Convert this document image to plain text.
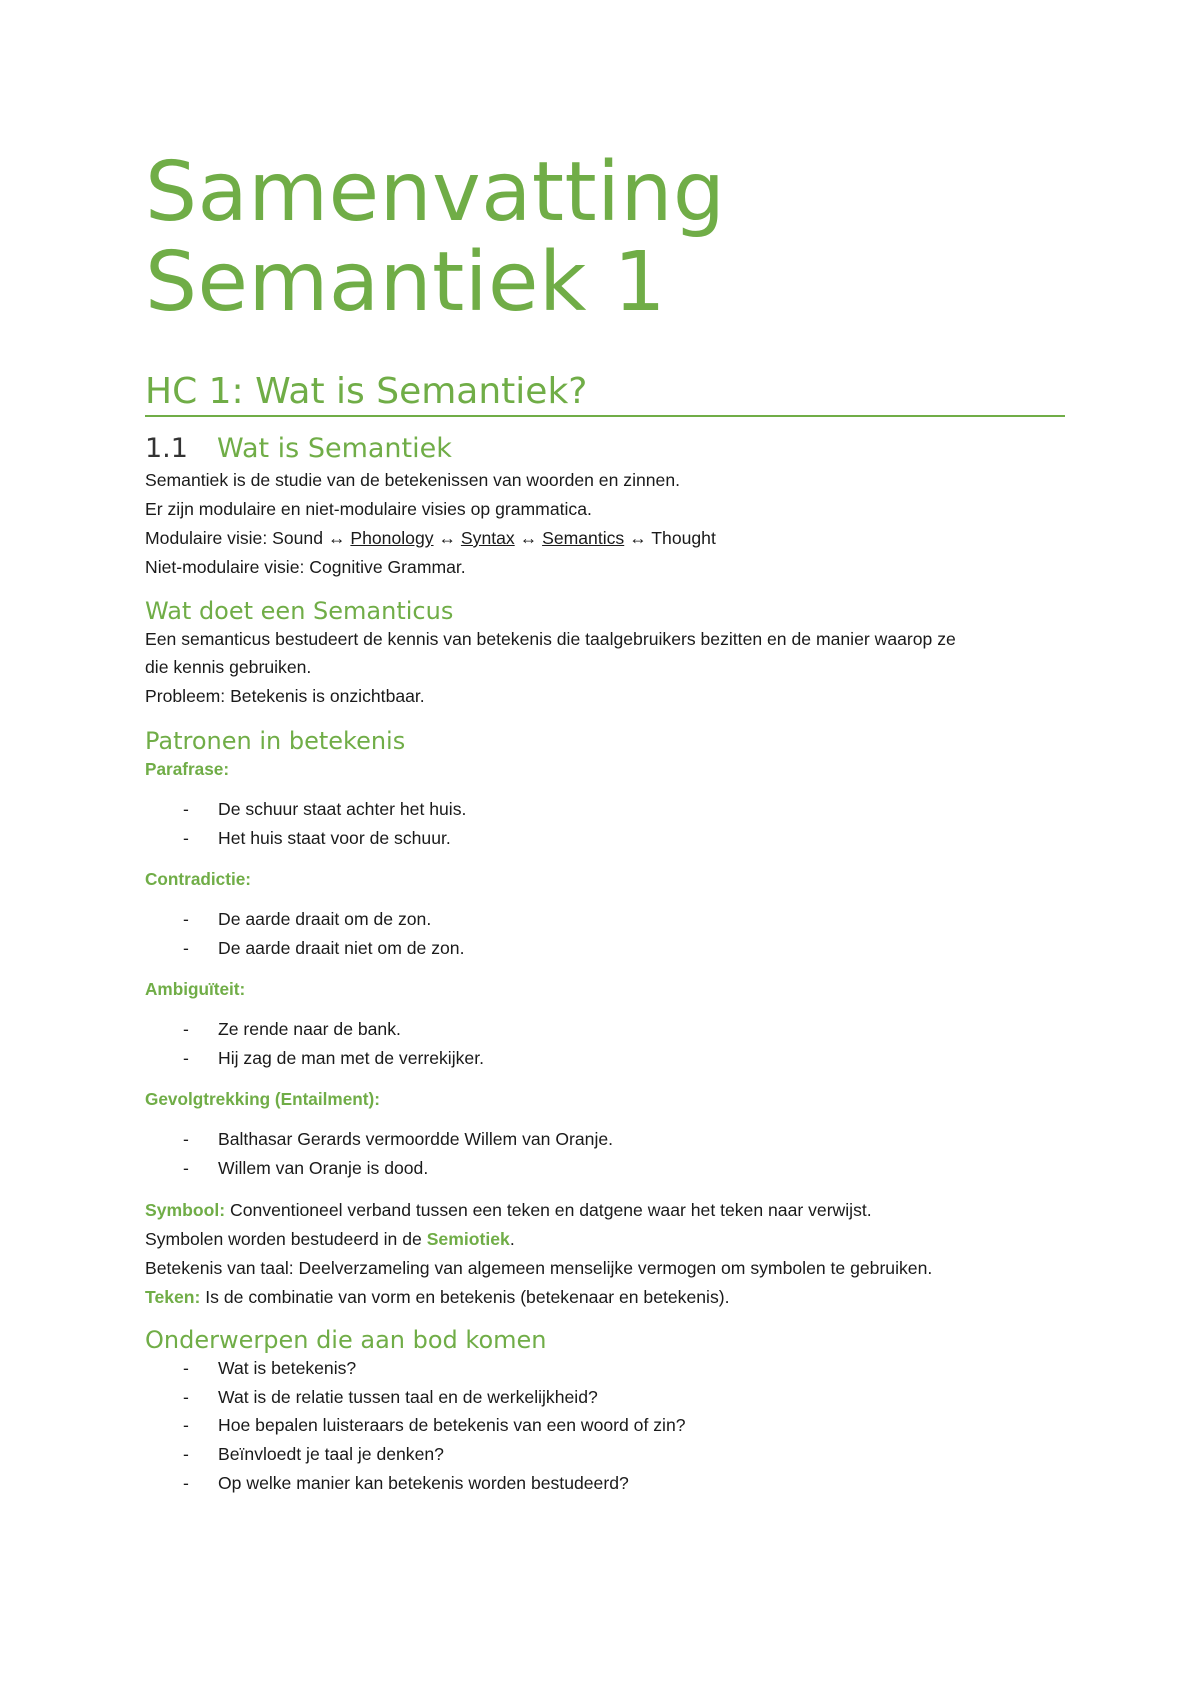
Samenvatting
Semantiek 1
HC 1: Wat is Semantiek?
1.1 Wat is Semantiek

Semantiek is de studie van de betekenissen van woorden en zinnen.

Er zijn modulaire en niet-modulaire visies op grammatica.

Modulaire visie: Sound ↔ Phonology ↔ Syntax ↔ Semantics ↔ Thought

Niet-modulaire visie: Cognitive Grammar.

Wat doet een Semanticus

Een semanticus bestudeert de kennis van betekenis die taalgebruikers bezitten en de manier waarop ze

die kennis gebruiken.

Probleem: Betekenis is onzichtbaar.

Patronen in betekenis

Parafrase:

- De schuur staat achter het huis.

- Het huis staat voor de schuur.

Contradictie:

- De aarde draait om de zon.

- De aarde draait niet om de zon.

Ambiguïteit:

- Ze rende naar de bank.

- Hij zag de man met de verrekijker.

Gevolgtrekking (Entailment):

- Balthasar Gerards vermoordde Willem van Oranje.

- Willem van Oranje is dood.

Symbool: Conventioneel verband tussen een teken en datgene waar het teken naar verwijst.

Symbolen worden bestudeerd in de Semiotiek.

Betekenis van taal: Deelverzameling van algemeen menselijke vermogen om symbolen te gebruiken.

Teken: Is de combinatie van vorm en betekenis (betekenaar en betekenis).

Onderwerpen die aan bod komen

- Wat is betekenis?

- Wat is de relatie tussen taal en de werkelijkheid?

- Hoe bepalen luisteraars de betekenis van een woord of zin?

- Beïnvloedt je taal je denken?

- Op welke manier kan betekenis worden bestudeerd?
